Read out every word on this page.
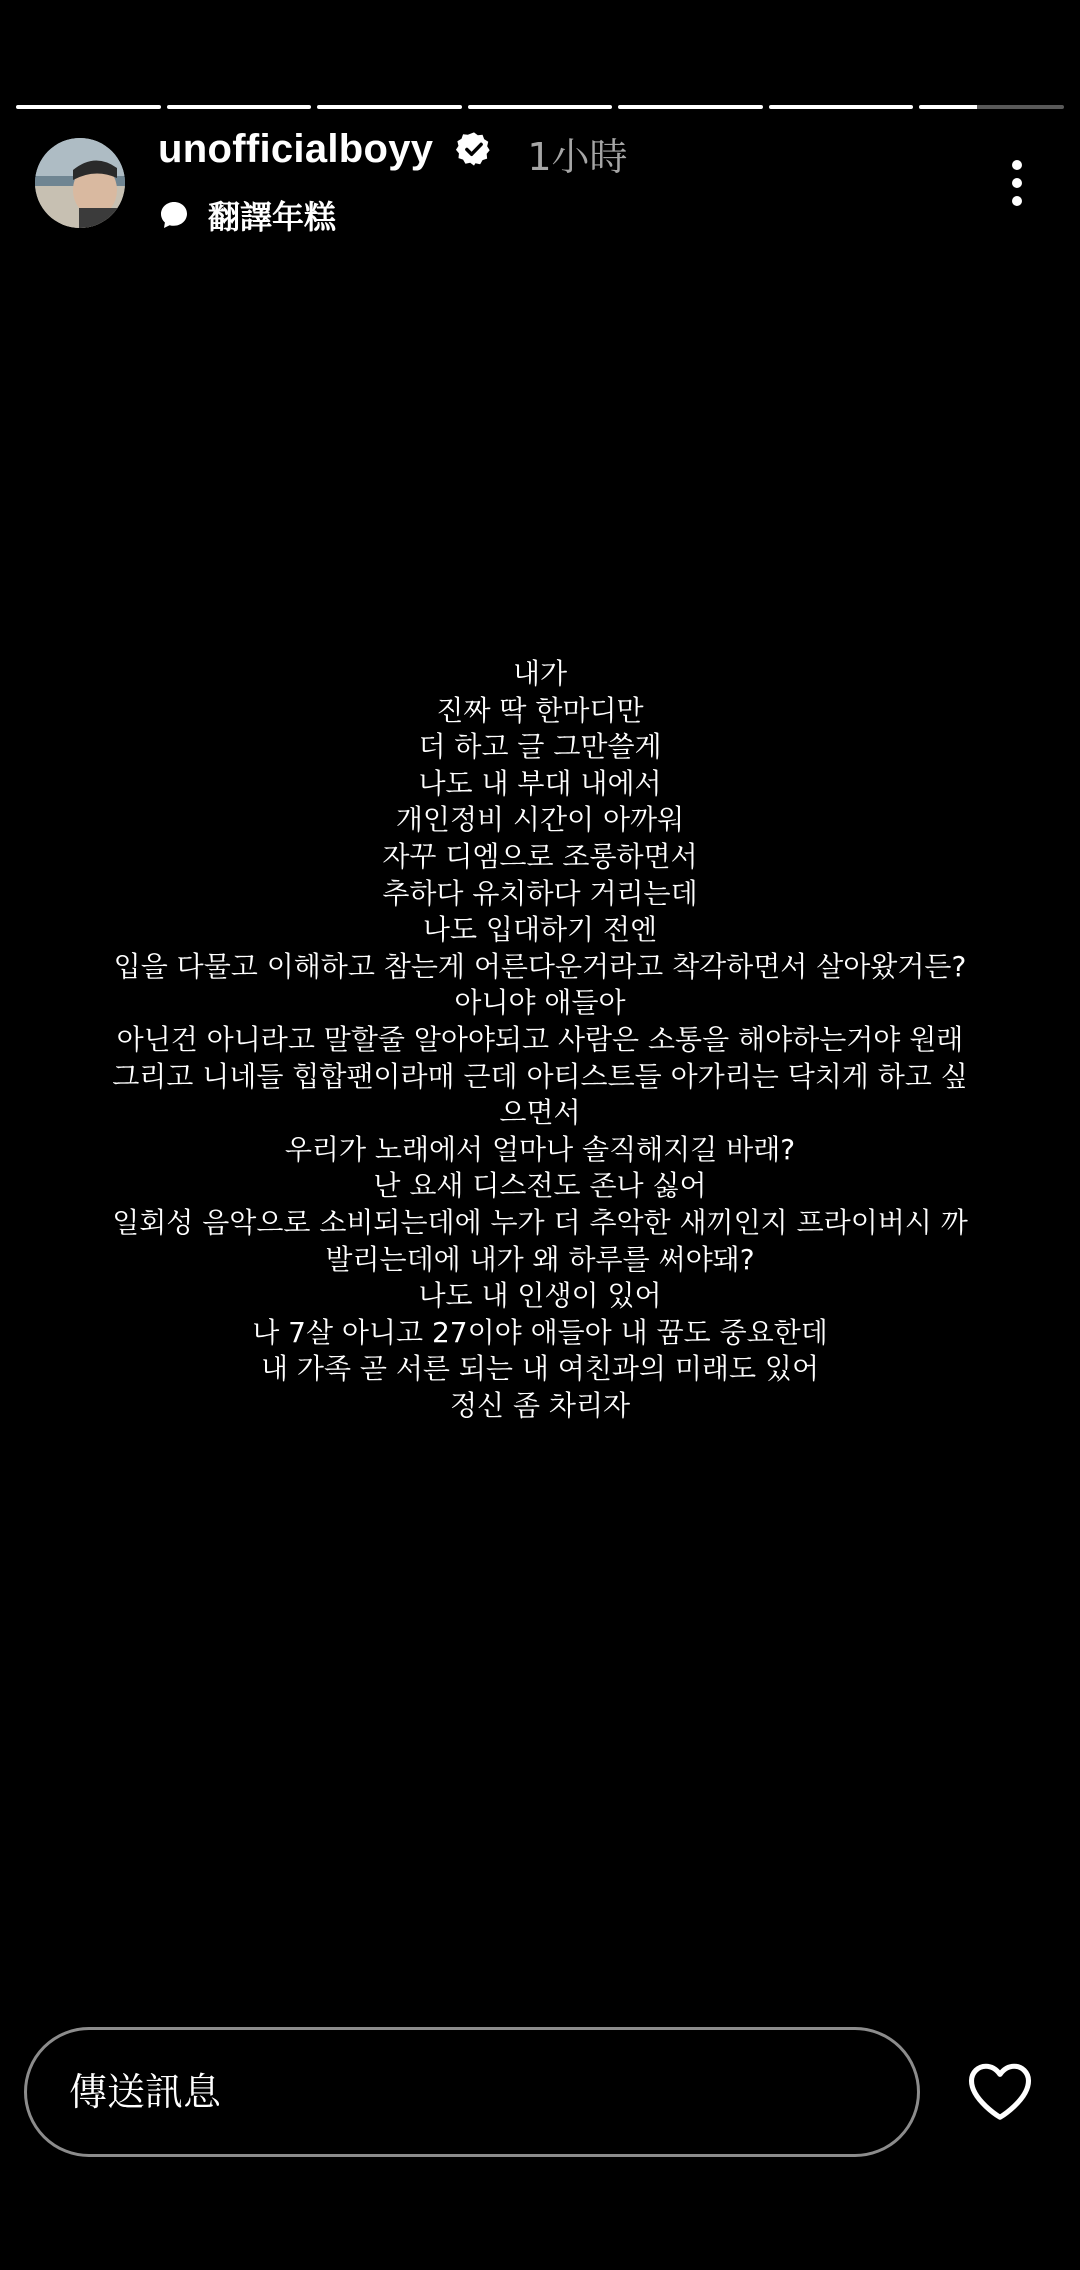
unofficialboyy 1小時
翻譯年糕
내가
진짜 딱 한마디만
더 하고 글 그만쓸게
나도 내 부대 내에서
개인정비 시간이 아까워
자꾸 디엠으로 조롱하면서
추하다 유치하다 거리는데
나도 입대하기 전엔
입을 다물고 이해하고 참는게 어른다운거라고 착각하면서 살아왔거든?
아니야 애들아
아닌건 아니라고 말할줄 알아야되고 사람은 소통을 해야하는거야 원래
그리고 니네들 힙합팬이라매 근데 아티스트들 아가리는 닥치게 하고 싶
으면서
우리가 노래에서 얼마나 솔직해지길 바래?
난 요새 디스전도 존나 싫어
일회성 음악으로 소비되는데에 누가 더 추악한 새끼인지 프라이버시 까
발리는데에 내가 왜 하루를 써야돼?
나도 내 인생이 있어
나 7살 아니고 27이야 애들아 내 꿈도 중요한데
내 가족 곧 서른 되는 내 여친과의 미래도 있어
정신 좀 차리자
傳送訊息
